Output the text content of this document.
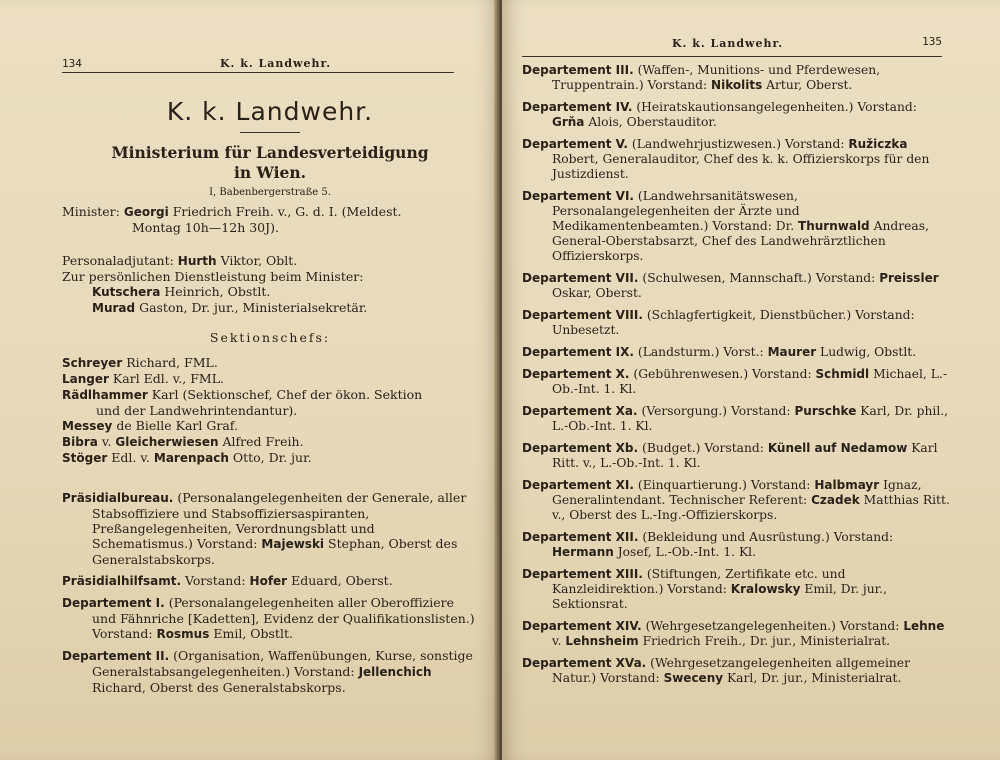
134	K. k. Landwehr.
K. k. Landwehr.
Ministerium für Landesverteidigung
in Wien.
I, Babenbergerstraße 5.

Minister: Georgi Friedrich Freih. v., G. d. I. (Meldest.

Montag 10h—12h 30J).

Personaladjutant: Hurth Viktor, Oblt.

Zur persönlichen Dienstleistung beim Minister:

Kutschera Heinrich, Obstlt.

Murad Gaston, Dr. jur., Ministerialsekretär.

Sektionschefs:

Schreyer Richard, FML.

Langer Karl Edl. v., FML.

Rädlhammer Karl (Sektionschef, Chef der ökon. Sektion

und der Landwehrintendantur).

Messey de Bielle Karl Graf.

Bibra v. Gleicherwiesen Alfred Freih.

Stöger Edl. v. Marenpach Otto, Dr. jur.

Präsidialbureau. (Personalangelegenheiten der Generale, aller Stabsoffiziere und Stabsoffiziersaspiranten, Preßangelegenheiten, Verordnungsblatt und Schematismus.) Vorstand: Majewski Stephan, Oberst des Generalstabskorps.

Präsidialhilfsamt. Vorstand: Hofer Eduard, Oberst.

Departement I. (Personalangelegenheiten aller Oberoffiziere und Fähnriche [Kadetten], Evidenz der Qualifikationslisten.) Vorstand: Rosmus Emil, Obstlt.

Departement II. (Organisation, Waffenübungen, Kurse, sonstige Generalstabsangelegenheiten.) Vorstand: Jellenchich Richard, Oberst des Generalstabskorps.

K. k. Landwehr.	135

Departement III. (Waffen-, Munitions- und Pferdewesen, Truppentrain.) Vorstand: Nikolits Artur, Oberst.

Departement IV. (Heiratskautionsangelegenheiten.) Vorstand: Grňa Alois, Oberstauditor.

Departement V. (Landwehrjustizwesen.) Vorstand: Ružiczka Robert, Generalauditor, Chef des k. k. Offizierskorps für den Justizdienst.

Departement VI. (Landwehrsanitätswesen, Personalangelegenheiten der Ärzte und Medikamentenbeamten.) Vorstand: Dr. Thurnwald Andreas, General-Oberstabsarzt, Chef des Landwehrärztlichen Offizierskorps.

Departement VII. (Schulwesen, Mannschaft.) Vorstand: Preissler Oskar, Oberst.

Departement VIII. (Schlagfertigkeit, Dienstbücher.) Vorstand: Unbesetzt.

Departement IX. (Landsturm.) Vorst.: Maurer Ludwig, Obstlt.

Departement X. (Gebührenwesen.) Vorstand: Schmidl Michael, L.-Ob.-Int. 1. Kl.

Departement Xa. (Versorgung.) Vorstand: Purschke Karl, Dr. phil., L.-Ob.-Int. 1. Kl.

Departement Xb. (Budget.) Vorstand: Künell auf Nedamow Karl Ritt. v., L.-Ob.-Int. 1. Kl.

Departement XI. (Einquartierung.) Vorstand: Halbmayr Ignaz, Generalintendant. Technischer Referent: Czadek Matthias Ritt. v., Oberst des L.-Ing.-Offizierskorps.

Departement XII. (Bekleidung und Ausrüstung.) Vorstand: Hermann Josef, L.-Ob.-Int. 1. Kl.

Departement XIII. (Stiftungen, Zertifikate etc. und Kanzleidirektion.) Vorstand: Kralowsky Emil, Dr. jur., Sektionsrat.

Departement XIV. (Wehrgesetzangelegenheiten.) Vorstand: Lehne v. Lehnsheim Friedrich Freih., Dr. jur., Ministerialrat.

Departement XVa. (Wehrgesetzangelegenheiten allgemeiner Natur.) Vorstand: Sweceny Karl, Dr. jur., Ministerialrat.
